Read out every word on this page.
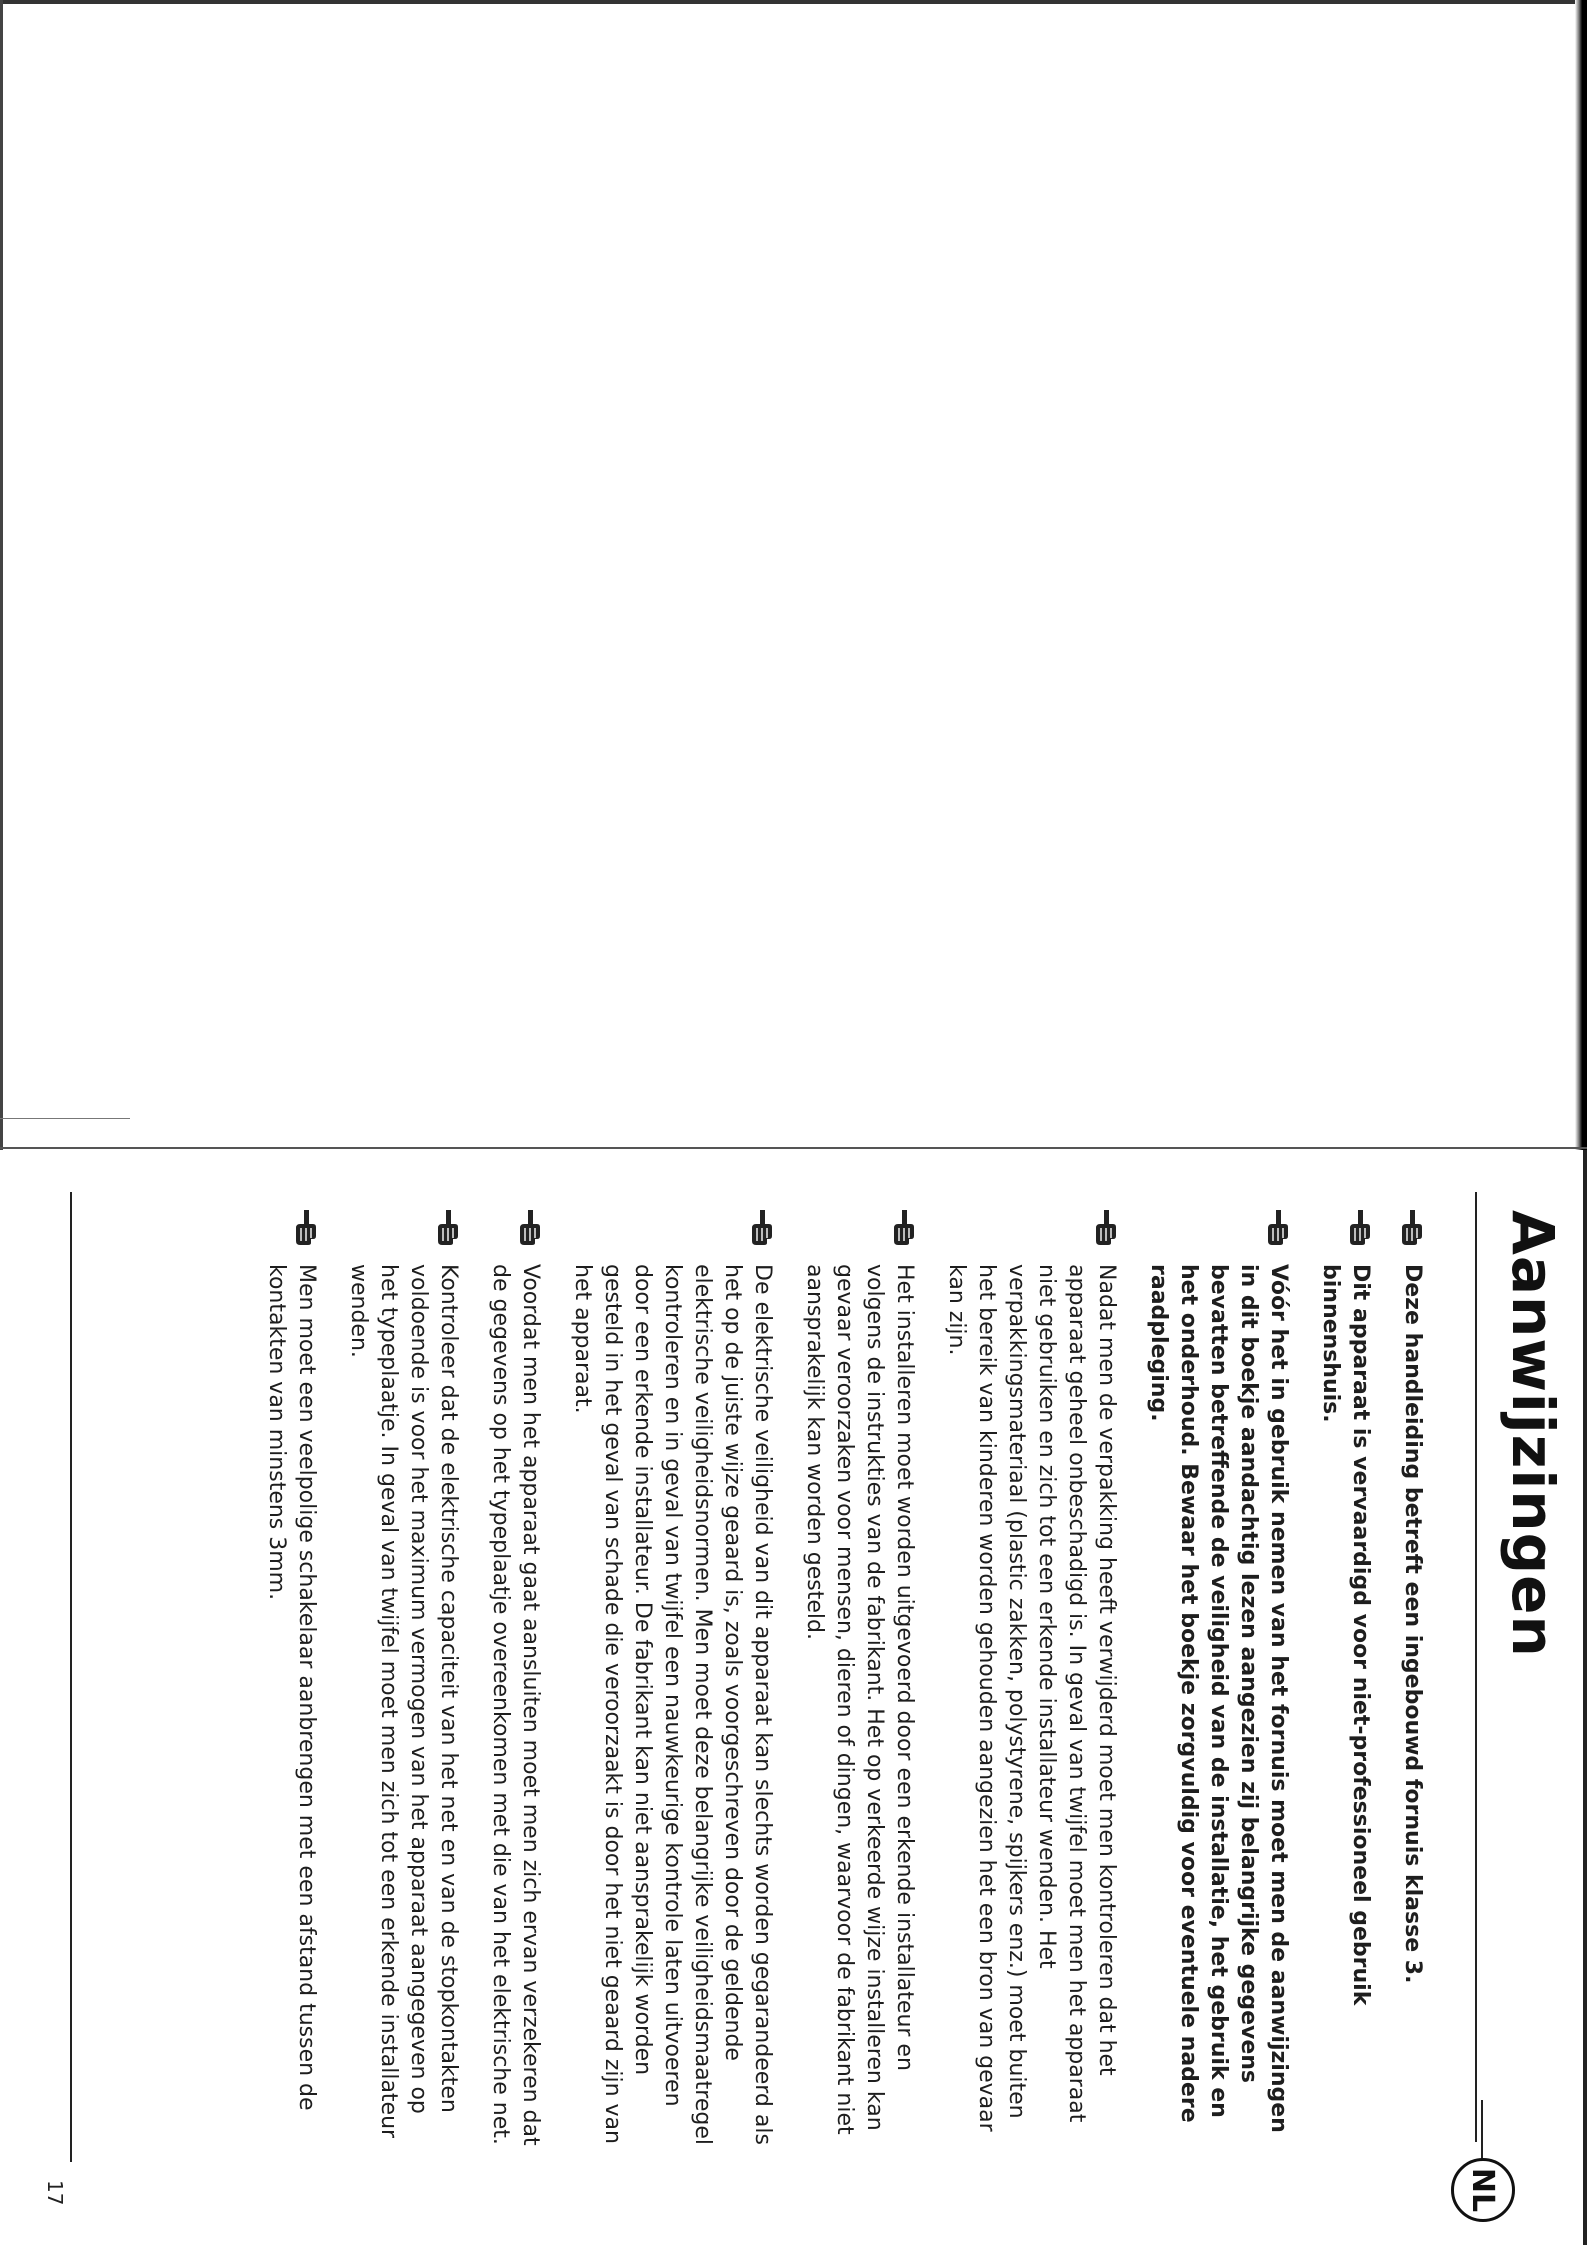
Aanwijzingen
NL
Deze handleiding betreft een ingebouwd fornuis klasse 3.
Dit apparaat is vervaardigd voor niet-professioneel gebruik binnenshuis.
Vóór het in gebruik nemen van het fornuis moet men de aanwijzingen in dit boekje aandachtig lezen aangezien zij belangrijke gegevens bevatten betreffende de veiligheid van de installatie, het gebruik en het onderhoud. Bewaar het boekje zorgvuldig voor eventuele nadere raadpleging.
Nadat men de verpakking heeft verwijderd moet men kontroleren dat het apparaat geheel onbeschadigd is. In geval van twijfel moet men het apparaat niet gebruiken en zich tot een erkende installateur wenden. Het verpakkingsmateriaal (plastic zakken, polystyrene, spijkers enz.) moet buiten het bereik van kinderen worden gehouden aangezien het een bron van gevaar kan zijn.
Het installeren moet worden uitgevoerd door een erkende installateur en volgens de instrukties van de fabrikant. Het op verkeerde wijze installeren kan gevaar veroorzaken voor mensen, dieren of dingen, waarvoor de fabrikant niet aansprakelijk kan worden gesteld.
De elektrische veiligheid van dit apparaat kan slechts worden gegarandeerd als het op de juiste wijze geaard is, zoals voorgeschreven door de geldende elektrische veiligheidsnormen. Men moet deze belangrijke veiligheidsmaatregel kontroleren en in geval van twijfel een nauwkeurige kontrole laten uitvoeren door een erkende installateur. De fabrikant kan niet aansprakelijk worden gesteld in het geval van schade die veroorzaakt is door het niet geaard zijn van het apparaat.
Voordat men het apparaat gaat aansluiten moet men zich ervan verzekeren dat de gegevens op het typeplaatje overeenkomen met die van het elektrische net.
Kontroleer dat de elektrische capaciteit van het net en van de stopkontakten voldoende is voor het maximum vermogen van het apparaat aangegeven op het typeplaatje. In geval van twijfel moet men zich tot een erkende installateur wenden.
Men moet een veelpolige schakelaar aanbrengen met een afstand tussen de kontakten van minstens 3mm.
17
